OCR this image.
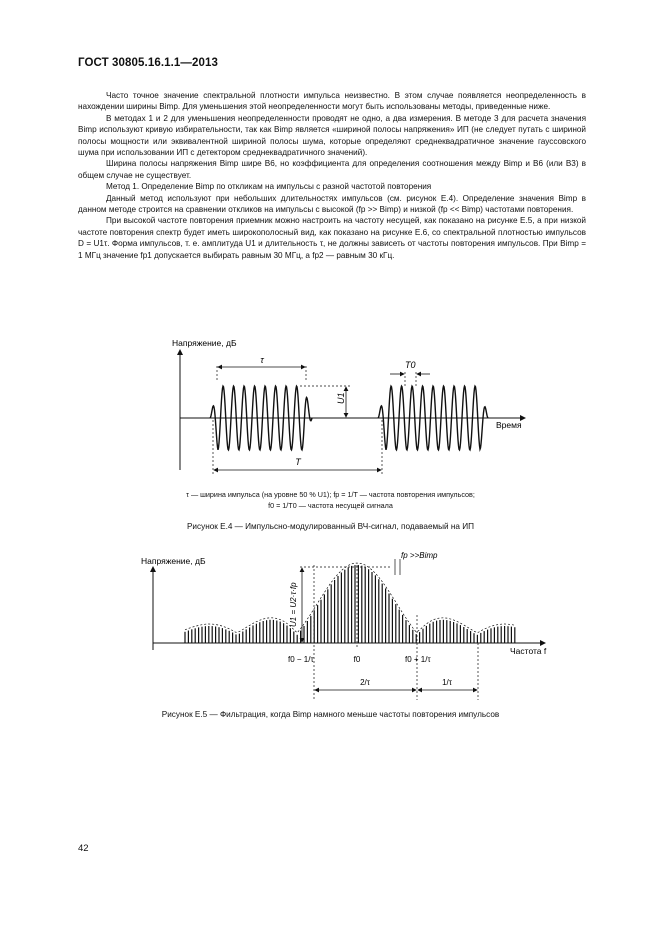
ГОСТ 30805.16.1.1—2013

Часто точное значение спектральной плотности импульса неизвестно. В этом случае появляется неопределенность в нахождении ширины Bimp. Для уменьшения этой неопределенности могут быть использованы методы, приведенные ниже.

В методах 1 и 2 для уменьшения неопределенности проводят не одно, а два измерения. В методе 3 для расчета значения Bimp используют кривую избирательности, так как Bimp является «шириной полосы напряжения» ИП (не следует путать с шириной полосы мощности или эквивалентной шириной полосы шума, которые определяют среднеквадратичное значение гауссовского шума при использовании ИП с детектором среднеквадратичного значений).

Ширина полосы напряжения Bimp шире B6, но коэффициента для определения соотношения между Bimp и B6 (или B3) в общем случае не существует.

Метод 1. Определение Bimp по откликам на импульсы с разной частотой повторения

Данный метод используют при небольших длительностях импульсов (см. рисунок Е.4). Определение значения Bimp в данном методе строится на сравнении откликов на импульсы с высокой (fp >> Bimp) и низкой (fp << Bimp) частотами повторения.

При высокой частоте повторения приемник можно настроить на частоту несущей, как показано на рисунке Е.5, а при низкой частоте повторения спектр будет иметь широкополосный вид, как показано на рисунке Е.6, со спектральной плотностью импульсов D = U1τ. Форма импульсов, т. е. амплитуда U1 и длительность τ, не должны зависеть от частоты повторения импульсов. При Bimp = 1 МГц значение fp1 допускается выбирать равным 30 МГц, а fp2 — равным 30 кГц.

Напряжение, дБ
Время
τ
U1
T0
T
τ — ширина импульса (на уровне 50 % U1); fp = 1/T — частота повторения импульсов;
f0 = 1/T0 — частота несущей сигнала
Рисунок Е.4 — Импульсно-модулированный ВЧ-сигнал, подаваемый на ИП
Напряжение, дБ
Частота f
fp >>Bimp
U1 = U2·τ·fp
f0 − 1/τ	f0	f0 + 1/τ
2/τ	1/τ
Рисунок Е.5 — Фильтрация, когда Bimp намного меньше частоты повторения импульсов
42
